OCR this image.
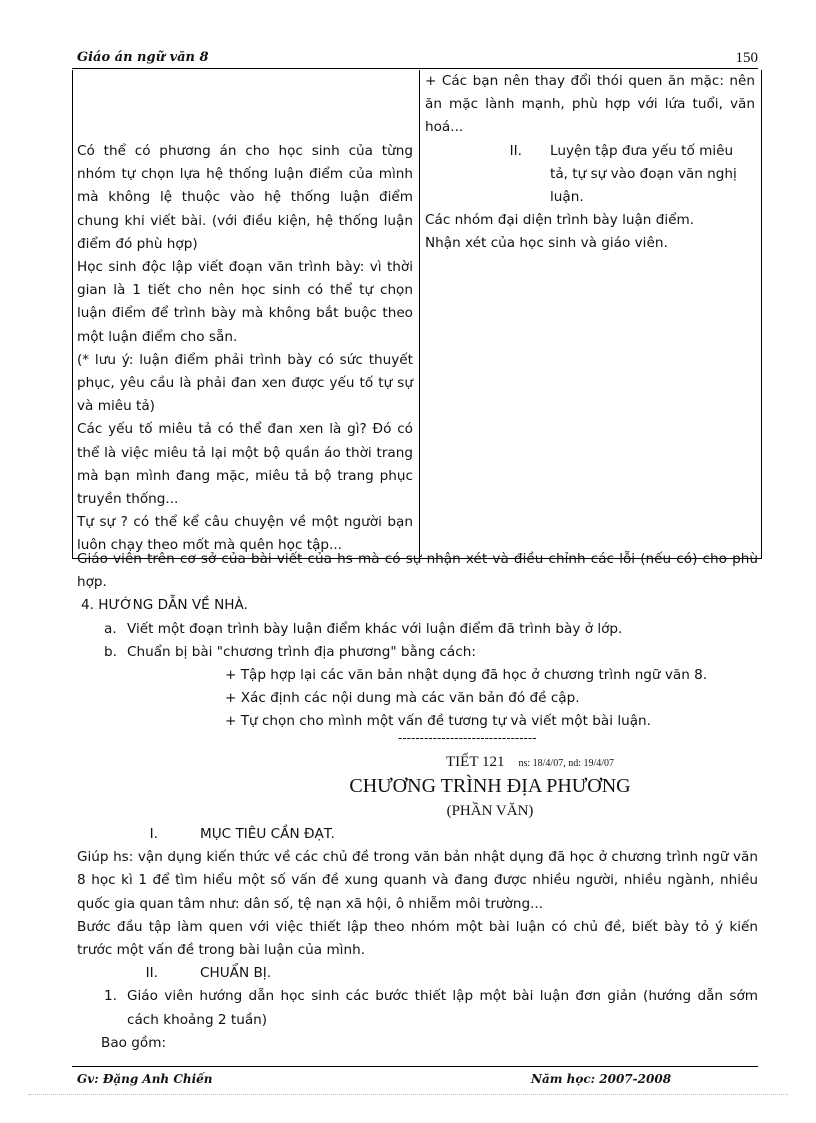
Giáo án ngữ văn 8	150

Có thể có phương án cho học sinh của từng nhóm tự chọn lựa hệ thống luận điểm của mình mà không lệ thuộc vào hệ thống luận điểm chung khi viết bài. (với điều kiện, hệ thống luận điểm đó phù hợp)

Học sinh độc lập viết đoạn văn trình bày: vì thời gian là 1 tiết cho nên học sinh có thể tự chọn luận điểm để trình bày mà không bắt buộc theo một luận điểm cho sẵn.

(* lưu ý: luận điểm phải trình bày có sức thuyết phục, yêu cầu là phải đan xen được yếu tố tự sự và miêu tả)

Các yếu tố miêu tả có thể đan xen là gì? Đó có thể là việc miêu tả lại một bộ quần áo thời trang mà bạn mình đang mặc, miêu tả bộ trang phục truyền thống...

Tự sự ? có thể kể câu chuyện về một người bạn luôn chạy theo mốt mà quên học tập...

+ Các bạn nên thay đổi thói quen ăn mặc: nên ăn mặc lành mạnh, phù hợp với lứa tuổi, văn hoá...

II.	Luyện tập đưa yếu tố miêu tả, tự sự vào đoạn văn nghị luận.

Các nhóm đại diện trình bày luận điểm.

Nhận xét của học sinh và giáo viên.

Giáo viên trên cơ sở của bài viết của hs mà có sự nhận xét và điều chỉnh các lỗi (nếu có) cho phù hợp.

4. HƯỚNG DẪN VỀ NHÀ.

a. Viết một đoạn trình bày luận điểm khác với luận điểm đã trình bày ở lớp.

b. Chuẩn bị bài "chương trình địa phương" bằng cách:

+ Tập hợp lại các văn bản nhật dụng đã học ở chương trình ngữ văn 8.

+ Xác định các nội dung mà các văn bản đó đề cập.

+ Tự chọn cho mình một vấn đề tương tự và viết một bài luận.

--------------------------------
TIẾT 121 ns: 18/4/07, nd: 19/4/07
CHƯƠNG TRÌNH ĐỊA PHƯƠNG
(PHẦN VĂN)

I.	MỤC TIÊU CẦN ĐẠT.

Giúp hs: vận dụng kiến thức về các chủ đề trong văn bản nhật dụng đã học ở chương trình ngữ văn 8 học kì 1 để tìm hiểu một số vấn đề xung quanh và đang được nhiều người, nhiều ngành, nhiều quốc gia quan tâm như: dân số, tệ nạn xã hội, ô nhiễm môi trường...

Bước đầu tập làm quen với việc thiết lập theo nhóm một bài luận có chủ đề, biết bày tỏ ý kiến trước một vấn đề trong bài luận của mình.

II.	CHUẨN BỊ.

1. Giáo viên hướng dẫn học sinh các bước thiết lập một bài luận đơn giản (hướng dẫn sớm cách khoảng 2 tuần)

Bao gồm:

Gv: Đặng Anh Chiến	Năm học: 2007-2008
